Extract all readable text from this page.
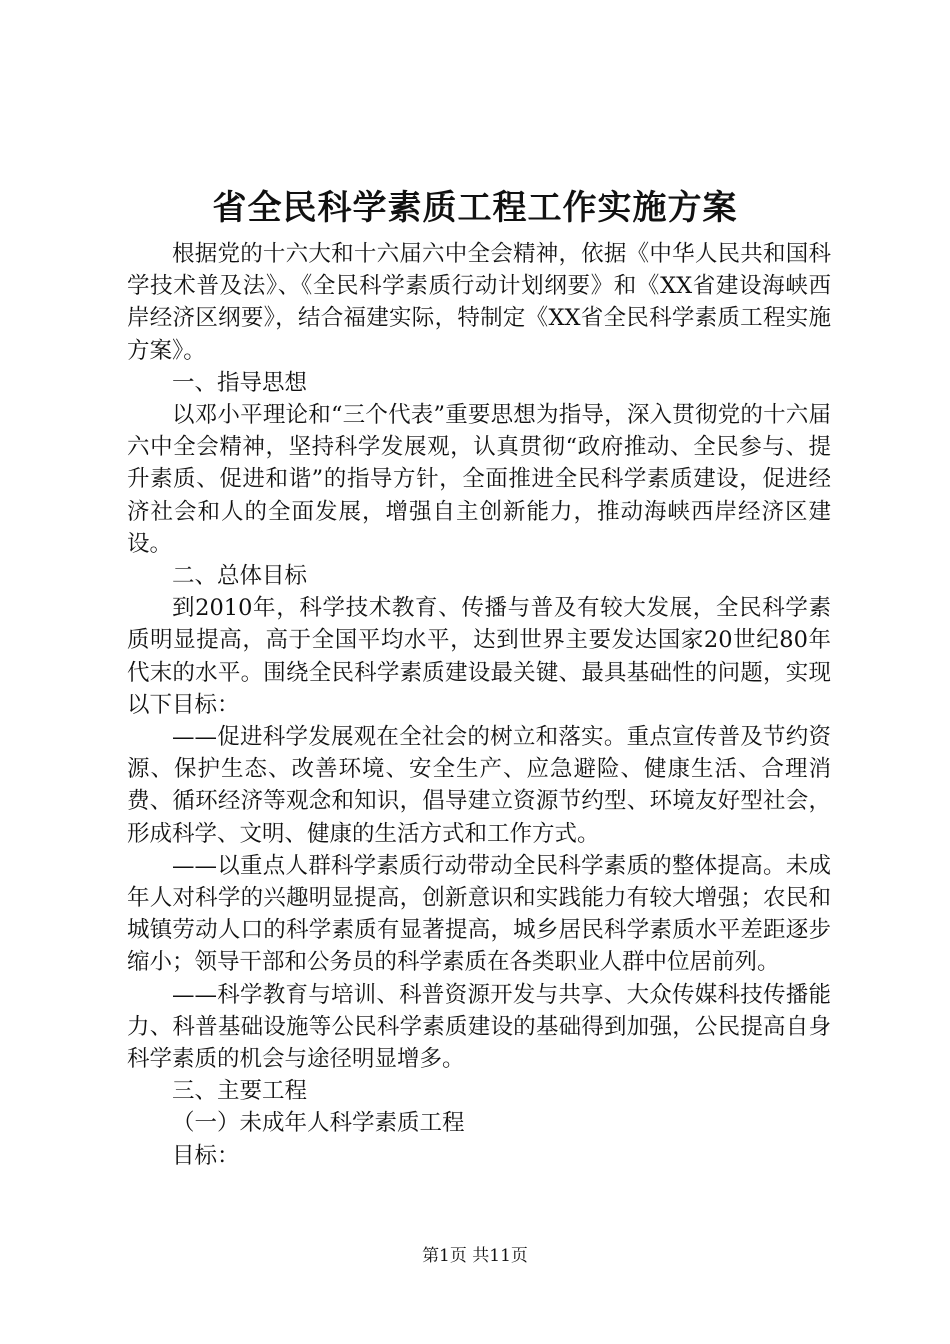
省全民科学素质工程工作实施方案

根据党的十六大和十六届六中全会精神，依据《中华人民共和国科学技术普及法》、《全民科学素质行动计划纲要》和《XX省建设海峡西岸经济区纲要》，结合福建实际，特制定《XX省全民科学素质工程实施方案》。

一、指导思想

以邓小平理论和“三个代表”重要思想为指导，深入贯彻党的十六届六中全会精神，坚持科学发展观，认真贯彻“政府推动、全民参与、提升素质、促进和谐”的指导方针，全面推进全民科学素质建设，促进经济社会和人的全面发展，增强自主创新能力，推动海峡西岸经济区建设。

二、总体目标

到2010年，科学技术教育、传播与普及有较大发展，全民科学素质明显提高，高于全国平均水平，达到世界主要发达国家20世纪80年代末的水平。围绕全民科学素质建设最关键、最具基础性的问题，实现以下目标：

——促进科学发展观在全社会的树立和落实。重点宣传普及节约资源、保护生态、改善环境、安全生产、应急避险、健康生活、合理消费、循环经济等观念和知识，倡导建立资源节约型、环境友好型社会，形成科学、文明、健康的生活方式和工作方式。

——以重点人群科学素质行动带动全民科学素质的整体提高。未成年人对科学的兴趣明显提高，创新意识和实践能力有较大增强；农民和城镇劳动人口的科学素质有显著提高，城乡居民科学素质水平差距逐步缩小；领导干部和公务员的科学素质在各类职业人群中位居前列。

——科学教育与培训、科普资源开发与共享、大众传媒科技传播能力、科普基础设施等公民科学素质建设的基础得到加强，公民提高自身科学素质的机会与途径明显增多。

三、主要工程

（一）未成年人科学素质工程

目标：

第1页 共11页
